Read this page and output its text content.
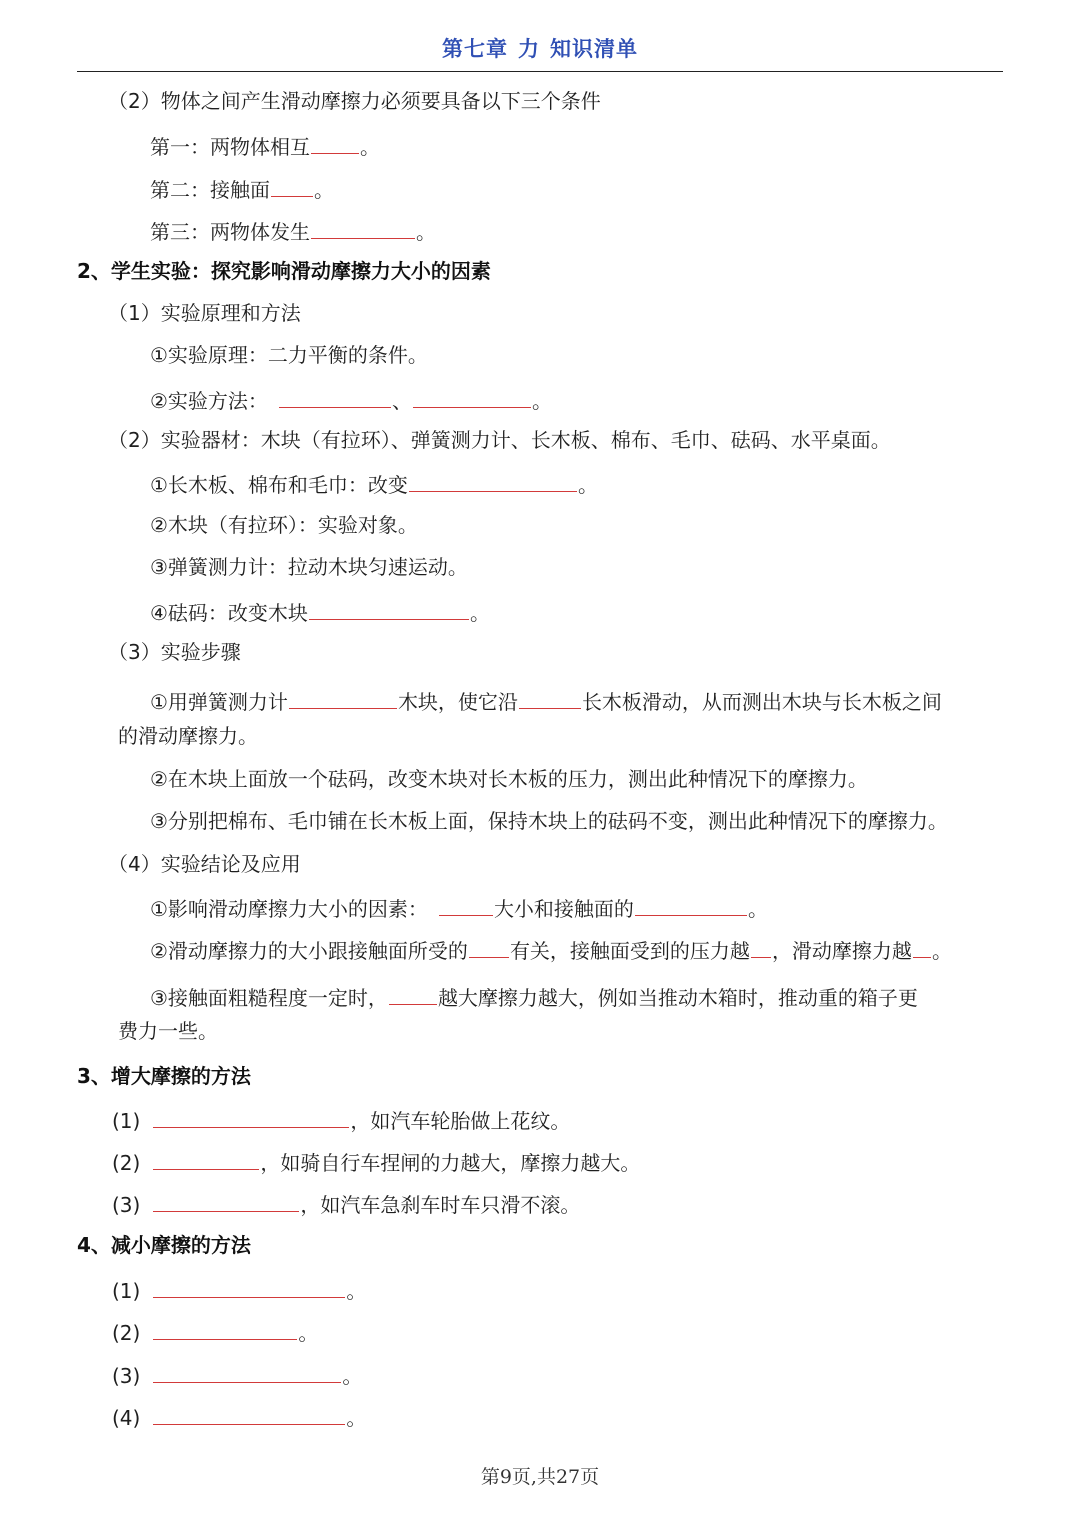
第七章 力 知识清单
（2）物体之间产生滑动摩擦力必须要具备以下三个条件
第一：两物体相互	。
第二：接触面 。
第三：两物体发生	。
2、学生实验：探究影响滑动摩擦力大小的因素
（1）实验原理和方法
①实验原理：二力平衡的条件。
②实验方法：	、	。
（2）实验器材：木块（有拉环）、弹簧测力计、长木板、棉布、毛巾、砝码、水平桌面。
①长木板、棉布和毛巾：改变	。
②木块（有拉环）：实验对象。
③弹簧测力计：拉动木块匀速运动。
④砝码：改变木块	。
（3）实验步骤
①用弹簧测力计	木块，使它沿	长木板滑动，从而测出木块与长木板之间
的滑动摩擦力。
②在木块上面放一个砝码，改变木块对长木板的压力，测出此种情况下的摩擦力。
③分别把棉布、毛巾铺在长木板上面，保持木块上的砝码不变，测出此种情况下的摩擦力。
（4）实验结论及应用
①影响滑动摩擦力大小的因素：	大小和接触面的	。
②滑动摩擦力的大小跟接触面所受的 有关，接触面受到的压力越 ，滑动摩擦力越 。
③接触面粗糙程度一定时，	越大摩擦力越大，例如当推动木箱时，推动重的箱子更
费力一些。
3、增大摩擦的方法
(1)	，如汽车轮胎做上花纹。
(2)	，如骑自行车捏闸的力越大，摩擦力越大。
(3)	，如汽车急刹车时车只滑不滚。
4、减小摩擦的方法
(1)	。
(2)	。
(3)	。
(4)	。
第9页,共27页
